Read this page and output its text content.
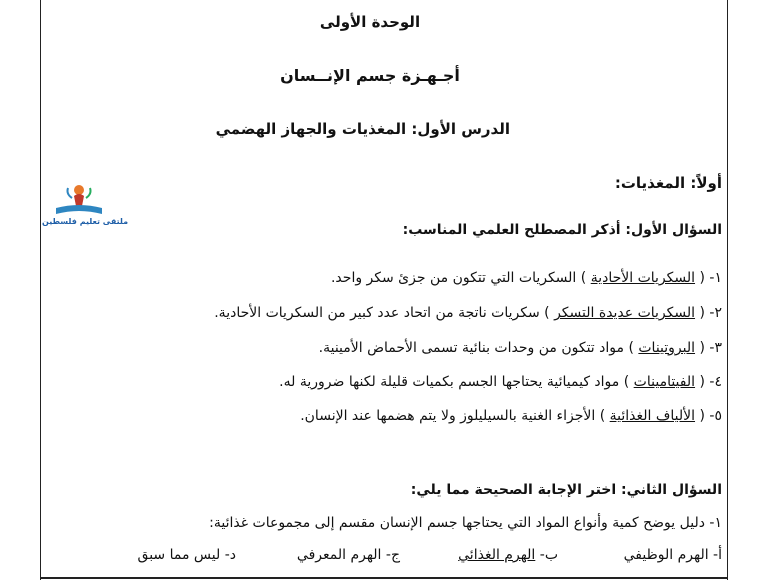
الوحدة الأولى
أجـهـزة جسم الإنــسان
الدرس الأول: المغذيات والجهاز الهضمي
ملتقى تعليم فلسطين
أولاً: المغذيات:
السؤال الأول: أذكر المصطلح العلمي المناسب:
١- ( السكريات الأحادية ) السكريات التي تتكون من جزئ سكر واحد.
٢- ( السكريات عديدة التسكر ) سكريات ناتجة من اتحاد عدد كبير من السكريات الأحادية.
٣- ( البروتينات ) مواد تتكون من وحدات بنائية تسمى الأحماض الأمينية.
٤- ( الفيتامينات ) مواد كيميائية يحتاجها الجسم بكميات قليلة لكنها ضرورية له.
٥- ( الألياف الغذائية ) الأجزاء الغنية بالسيليلوز ولا يتم هضمها عند الإنسان.
السؤال الثاني: اختر الإجابة الصحيحة مما يلي:
١- دليل يوضح كمية وأنواع المواد التي يحتاجها جسم الإنسان مقسم إلى مجموعات غذائية:
أ- الهرم الوظيفي
ب- الهرم الغذائي
ج- الهرم المعرفي
د- ليس مما سبق
